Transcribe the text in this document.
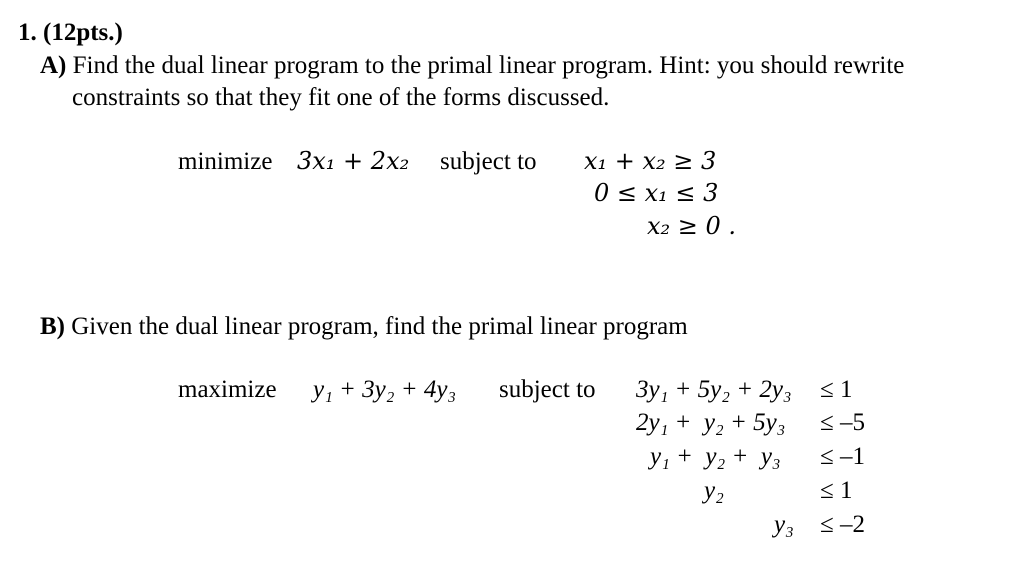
1. (12pts.)
A) Find the dual linear program to the primal linear program. Hint: you should rewrite
constraints so that they fit one of the forms discussed.
minimize 3x₁ + 2x₂ subject to x₁ + x₂ ≥ 3
0 ≤ x₁ ≤ 3
x₂ ≥ 0 .
B) Given the dual linear program, find the primal linear program
maximize y₁ + 3y₂ + 4y₃ subject to 3y₁ + 5y₂ + 2y₃ ≤ 1
2y₁ +  y₂ + 5y₃ ≤ –5
y₁ +  y₂ +  y₃ ≤ –1
y₂	≤ 1
y₃ ≤ –2
